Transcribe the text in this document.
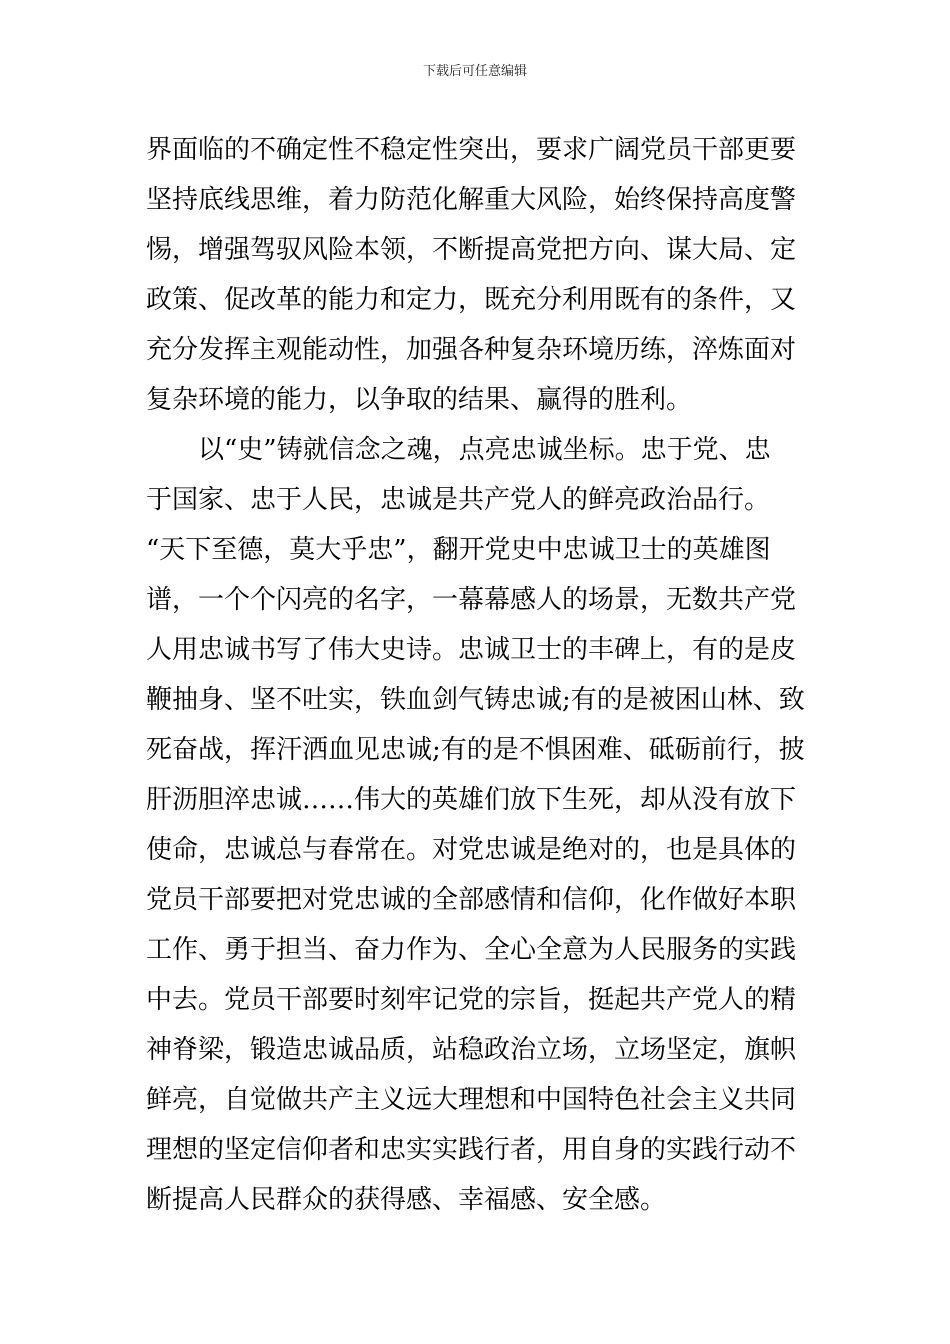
下载后可任意编辑
界面临的不确定性不稳定性突出，要求广阔党员干部更要
坚持底线思维，着力防范化解重大风险，始终保持高度警
惕，增强驾驭风险本领，不断提高党把方向、谋大局、定
政策、促改革的能力和定力，既充分利用既有的条件，又
充分发挥主观能动性，加强各种复杂环境历练，淬炼面对
复杂环境的能力，以争取的结果、赢得的胜利。
以“史”铸就信念之魂，点亮忠诚坐标。忠于党、忠
于国家、忠于人民，忠诚是共产党人的鲜亮政治品行。
“天下至德，莫大乎忠”，翻开党史中忠诚卫士的英雄图
谱，一个个闪亮的名字，一幕幕感人的场景，无数共产党
人用忠诚书写了伟大史诗。忠诚卫士的丰碑上，有的是皮
鞭抽身、坚不吐实，铁血剑气铸忠诚;有的是被困山林、致
死奋战，挥汗洒血见忠诚;有的是不惧困难、砥砺前行，披
肝沥胆淬忠诚……伟大的英雄们放下生死，却从没有放下
使命，忠诚总与春常在。对党忠诚是绝对的，也是具体的
党员干部要把对党忠诚的全部感情和信仰，化作做好本职
工作、勇于担当、奋力作为、全心全意为人民服务的实践
中去。党员干部要时刻牢记党的宗旨，挺起共产党人的精
神脊梁，锻造忠诚品质，站稳政治立场，立场坚定，旗帜
鲜亮，自觉做共产主义远大理想和中国特色社会主义共同
理想的坚定信仰者和忠实实践行者，用自身的实践行动不
断提高人民群众的获得感、幸福感、安全感。
